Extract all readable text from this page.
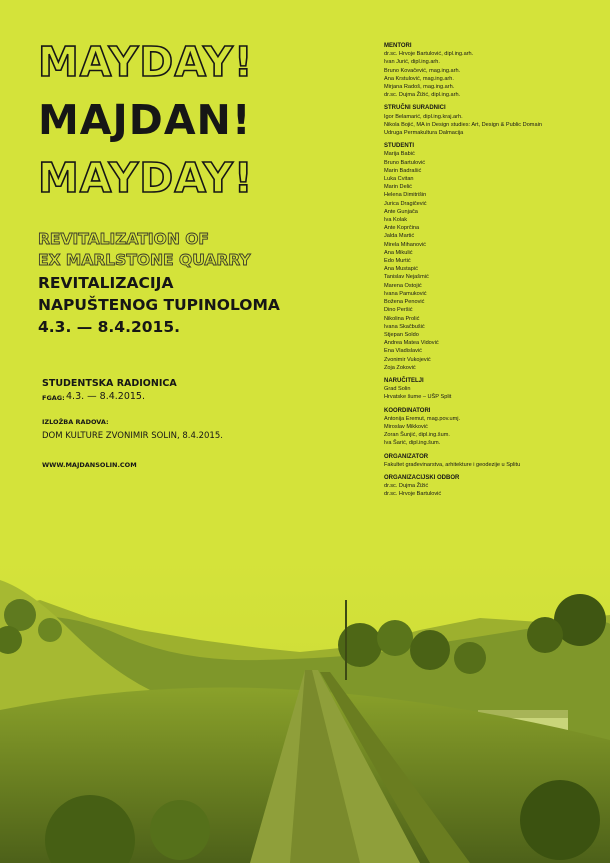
MAYDAY!
MAJDAN!
MAYDAY!
REVITALIZATION OF
EX MARLSTONE QUARRY
REVITALIZACIJA
NAPUŠTENOG TUPINOLOMA
4.3. — 8.4.2015.
STUDENTSKA RADIONICA
FGAG: 4.3. — 8.4.2015.
IZLOŽBA RADOVA:
DOM KULTURE ZVONIMIR SOLIN, 8.4.2015.
WWW.MAJDANSOLIN.COM
MENTORI
dr.sc. Hrvoje Bartulović, dipl.ing.arh.
Ivan Jurić, dipl.ing.arh.
Bruno Kovačević, mag.ing.arh.
Ana Krstulović, mag.ing.arh.
Mirjana Radoš, mag.ing.arh.
dr.sc. Dujma Žižić, dipl.ing.arh.
STRUČNI SURADNICI
Igor Belamarić, dipl.ing.kraj.arh.
Nikola Bojić, MA in Design studies: Art, Design & Public Domain
Udruga Permakultura Dalmacija
STUDENTI
Marija Babić
Bruno Bartulović
Marin Badrašić
Luka Cvitan
Marin Delić
Helena Dimitrišin
Jurica Dragičević
Ante Gunjača
Iva Kolak
Ante Koprčina
Jalda Martić
Mirela Mihanović
Ana Mikulić
Edo Murtić
Ana Mustapić
Tanislav Nejašmić
Marena Ostojić
Ivana Pamuković
Božena Penović
Dino Peršić
Nikolina Prolić
Ivana Skačbušić
Stjepan Soldo
Andrea Matea Vidović
Ena Vladislavić
Zvonimir Vukojević
Zoja Zoković
NARUČITELJI
Grad Solin
Hrvatske šume – UŠP Split
KOORDINATORI
Antonija Eremut, mag.pov.umj.
Miroslav Mikković
Zoran Šunjić, dipl.ing.šum.
Iva Šarić, dipl.ing.šum.
ORGANIZATOR
Fakultet građevinarstva, arhitekture i geodezije u Splitu
ORGANIZACIJSKI ODBOR
dr.sc. Dujma Žižić
dr.sc. Hrvoje Bartulović
